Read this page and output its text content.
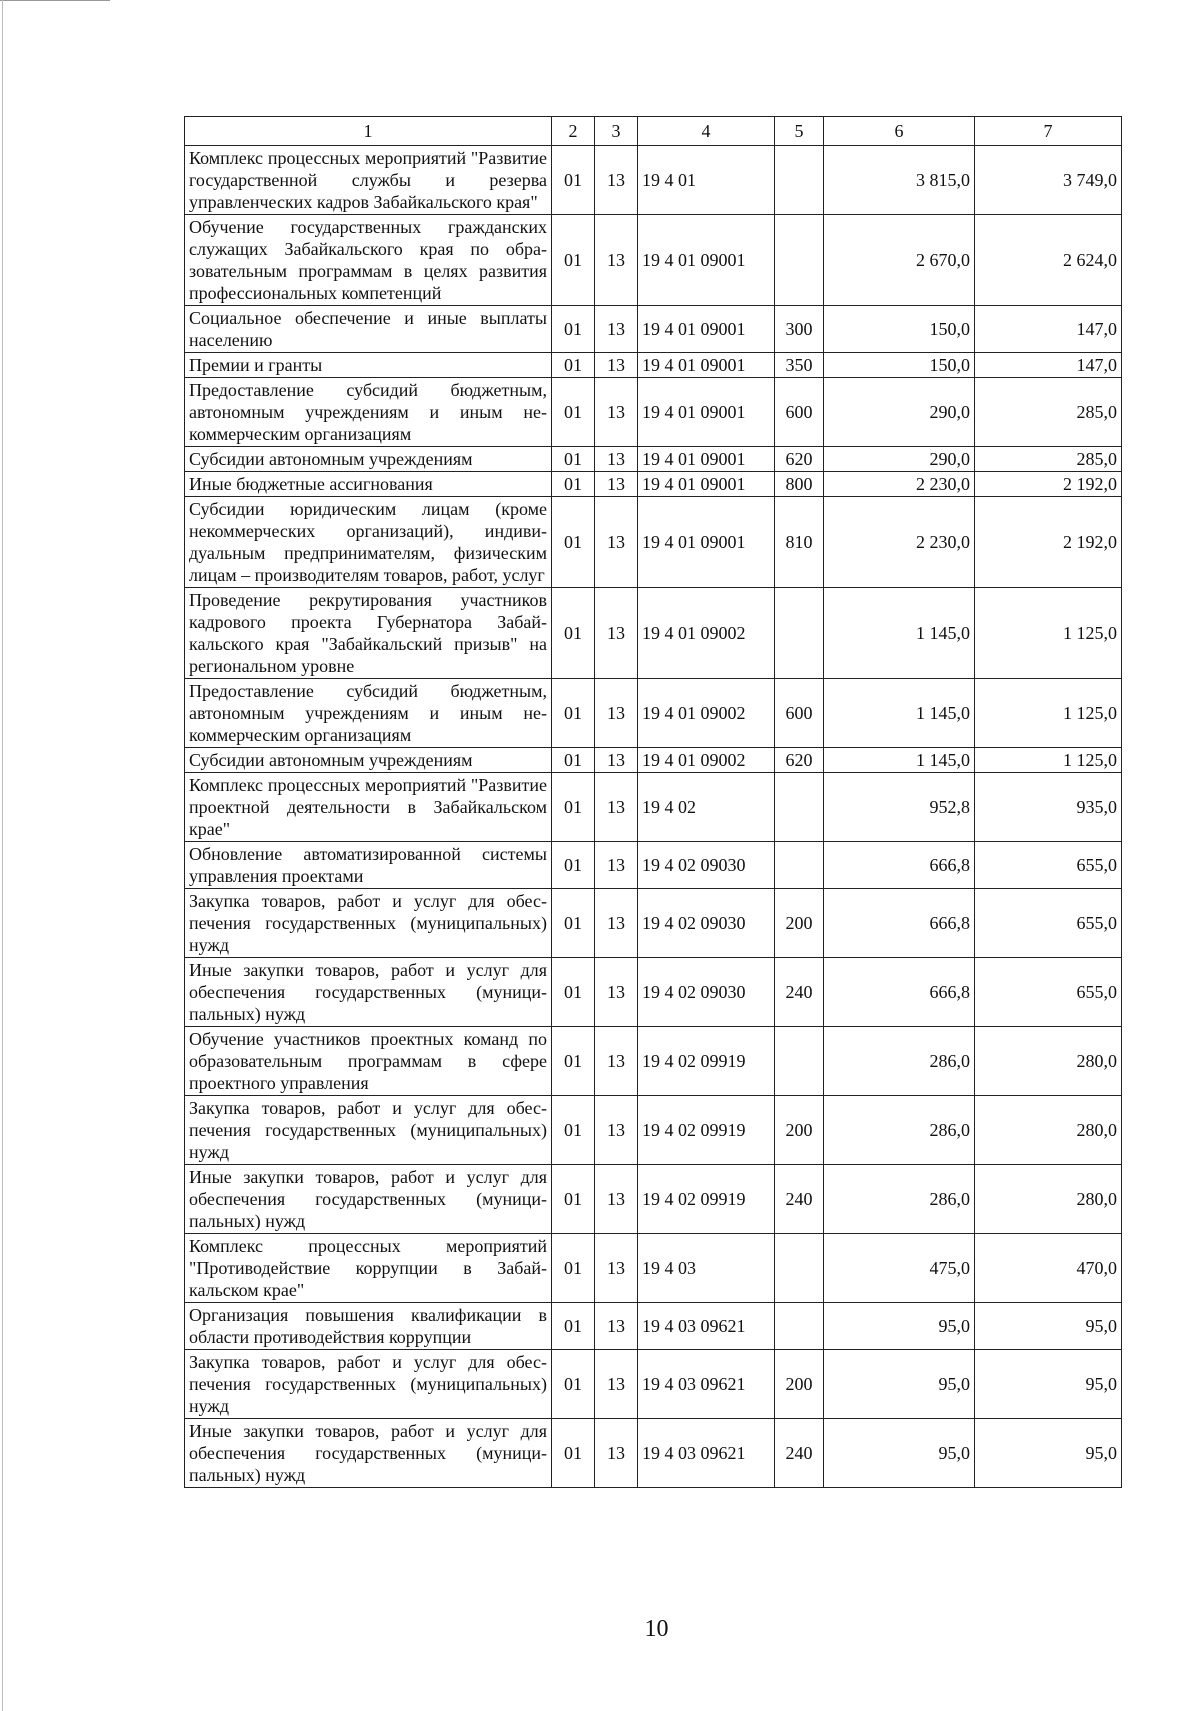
1	2	3	4	5	6	7
Комплекс процессных мероприятий "Развитие государственной службы и резерва управленческих кадров Забайкальского края"	01	13	19 4 01		3 815,0	3 749,0
Обучение государственных гражданских служащих Забайкальского края по образовательным программам в целях развития профессиональных компетенций	01	13	19 4 01 09001		2 670,0	2 624,0
Социальное обеспечение и иные выплаты населению	01	13	19 4 01 09001	300	150,0	147,0
Премии и гранты	01	13	19 4 01 09001	350	150,0	147,0
Предоставление субсидий бюджетным, автономным учреждениям и иным некоммерческим организациям	01	13	19 4 01 09001	600	290,0	285,0
Субсидии автономным учреждениям	01	13	19 4 01 09001	620	290,0	285,0
Иные бюджетные ассигнования	01	13	19 4 01 09001	800	2 230,0	2 192,0
Субсидии юридическим лицам (кроме некоммерческих организаций), индивидуальным предпринимателям, физическим лицам – производителям товаров, работ, услуг	01	13	19 4 01 09001	810	2 230,0	2 192,0
Проведение рекрутирования участников кадрового проекта Губернатора Забайкальского края "Забайкальский призыв" на региональном уровне	01	13	19 4 01 09002		1 145,0	1 125,0
Предоставление субсидий бюджетным, автономным учреждениям и иным некоммерческим организациям	01	13	19 4 01 09002	600	1 145,0	1 125,0
Субсидии автономным учреждениям	01	13	19 4 01 09002	620	1 145,0	1 125,0
Комплекс процессных мероприятий "Развитие проектной деятельности в Забайкальском крае"	01	13	19 4 02		952,8	935,0
Обновление автоматизированной системы управления проектами	01	13	19 4 02 09030		666,8	655,0
Закупка товаров, работ и услуг для обеспечения государственных (муниципальных) нужд	01	13	19 4 02 09030	200	666,8	655,0
Иные закупки товаров, работ и услуг для обеспечения государственных (муниципальных) нужд	01	13	19 4 02 09030	240	666,8	655,0
Обучение участников проектных команд по образовательным программам в сфере проектного управления	01	13	19 4 02 09919		286,0	280,0
Закупка товаров, работ и услуг для обеспечения государственных (муниципальных) нужд	01	13	19 4 02 09919	200	286,0	280,0
Иные закупки товаров, работ и услуг для обеспечения государственных (муниципальных) нужд	01	13	19 4 02 09919	240	286,0	280,0
Комплекс процессных мероприятий "Противодействие коррупции в Забайкальском крае"	01	13	19 4 03		475,0	470,0
Организация повышения квалификации в области противодействия коррупции	01	13	19 4 03 09621		95,0	95,0
Закупка товаров, работ и услуг для обеспечения государственных (муниципальных) нужд	01	13	19 4 03 09621	200	95,0	95,0
Иные закупки товаров, работ и услуг для обеспечения государственных (муниципальных) нужд	01	13	19 4 03 09621	240	95,0	95,0
10
